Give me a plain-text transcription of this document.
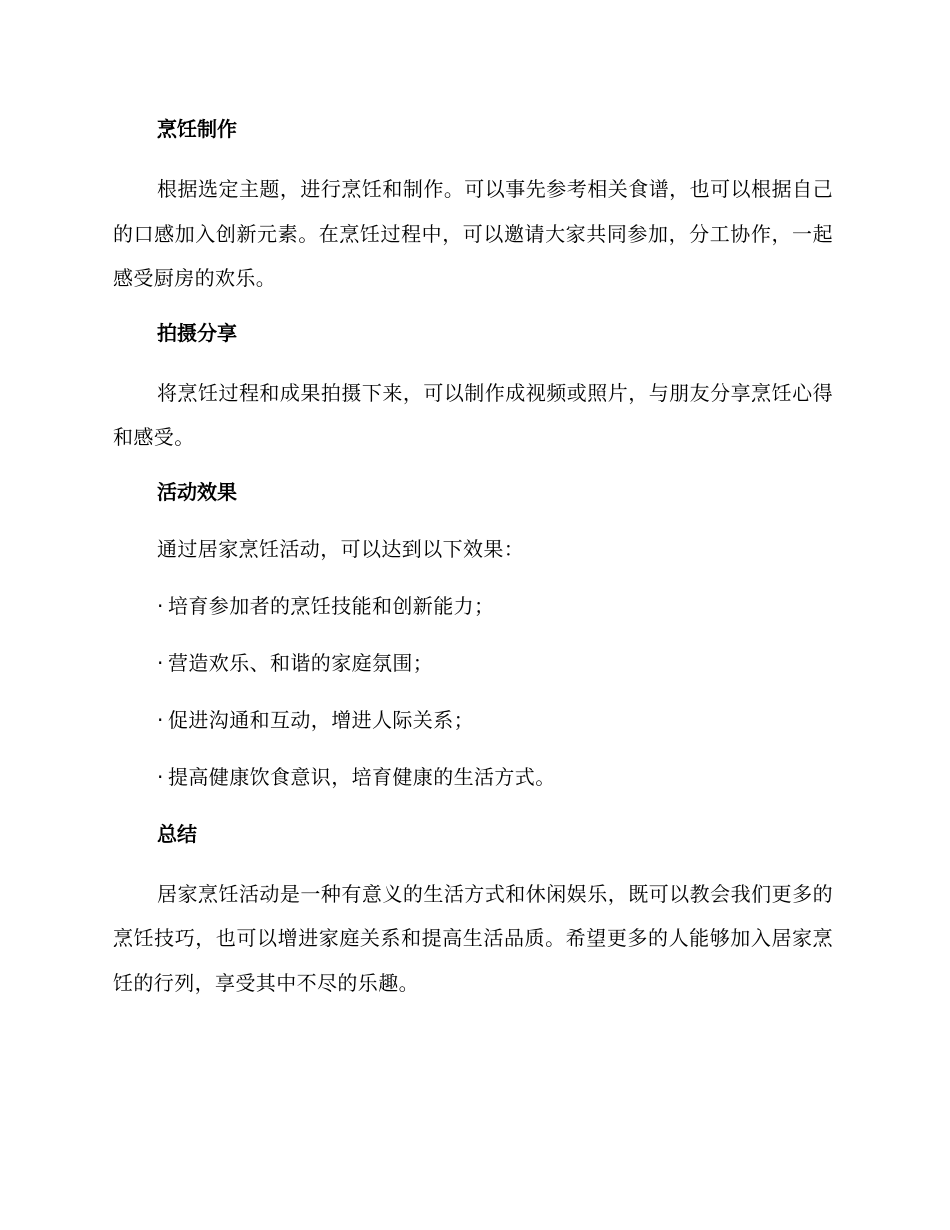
烹饪制作

根据选定主题，进行烹饪和制作。可以事先参考相关食谱，也可以根据自己的口感加入创新元素。在烹饪过程中，可以邀请大家共同参加，分工协作，一起感受厨房的欢乐。

拍摄分享

将烹饪过程和成果拍摄下来，可以制作成视频或照片，与朋友分享烹饪心得和感受。

活动效果
通过居家烹饪活动，可以达到以下效果：
· 培育参加者的烹饪技能和创新能力；
· 营造欢乐、和谐的家庭氛围；
· 促进沟通和互动，增进人际关系；
· 提高健康饮食意识，培育健康的生活方式。
总结

居家烹饪活动是一种有意义的生活方式和休闲娱乐，既可以教会我们更多的烹饪技巧，也可以增进家庭关系和提高生活品质。希望更多的人能够加入居家烹饪的行列，享受其中不尽的乐趣。
